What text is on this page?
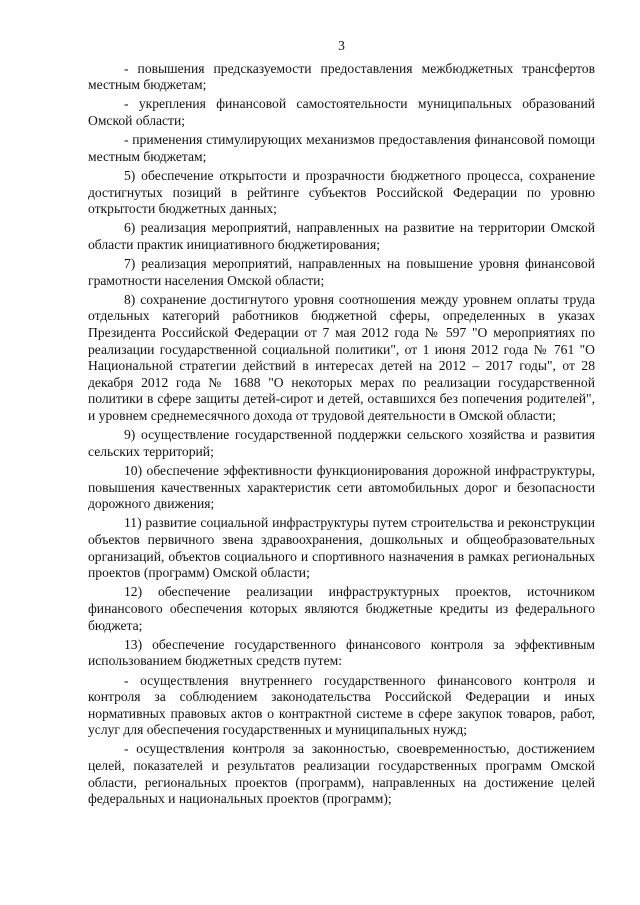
3

- повышения предсказуемости предоставления межбюджетных трансфертов местным бюджетам;

- укрепления финансовой самостоятельности муниципальных образований Омской области;

- применения стимулирующих механизмов предоставления финансовой помощи местным бюджетам;

5) обеспечение открытости и прозрачности бюджетного процесса, сохранение достигнутых позиций в рейтинге субъектов Российской Федерации по уровню открытости бюджетных данных;

6) реализация мероприятий, направленных на развитие на территории Омской области практик инициативного бюджетирования;

7) реализация мероприятий, направленных на повышение уровня финансовой грамотности населения Омской области;

8) сохранение достигнутого уровня соотношения между уровнем оплаты труда отдельных категорий работников бюджетной сферы, определенных в указах Президента Российской Федерации от 7 мая 2012 года № 597 "О мероприятиях по реализации государственной социальной политики", от 1 июня 2012 года № 761 "О Национальной стратегии действий в интересах детей на 2012 – 2017 годы", от 28 декабря 2012 года № 1688 "О некоторых мерах по реализации государственной политики в сфере защиты детей-сирот и детей, оставшихся без попечения родителей", и уровнем среднемесячного дохода от трудовой деятельности в Омской области;

9) осуществление государственной поддержки сельского хозяйства и развития сельских территорий;

10) обеспечение эффективности функционирования дорожной инфраструктуры, повышения качественных характеристик сети автомобильных дорог и безопасности дорожного движения;

11) развитие социальной инфраструктуры путем строительства и реконструкции объектов первичного звена здравоохранения, дошкольных и общеобразовательных организаций, объектов социального и спортивного назначения в рамках региональных проектов (программ) Омской области;

12) обеспечение реализации инфраструктурных проектов, источником финансового обеспечения которых являются бюджетные кредиты из федерального бюджета;

13) обеспечение государственного финансового контроля за эффективным использованием бюджетных средств путем:

- осуществления внутреннего государственного финансового контроля и контроля за соблюдением законодательства Российской Федерации и иных нормативных правовых актов о контрактной системе в сфере закупок товаров, работ, услуг для обеспечения государственных и муниципальных нужд;

- осуществления контроля за законностью, своевременностью, достижением целей, показателей и результатов реализации государственных программ Омской области, региональных проектов (программ), направленных на достижение целей федеральных и национальных проектов (программ);
